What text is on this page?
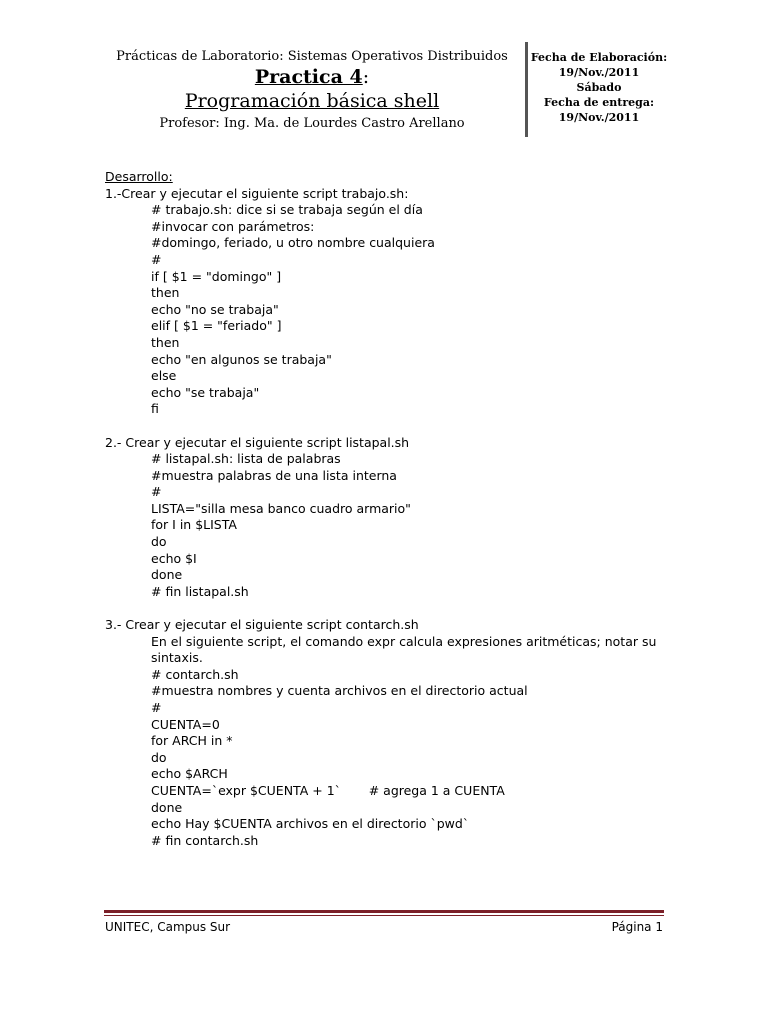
Prácticas de Laboratorio: Sistemas Operativos Distribuidos
Practica 4:
Programación básica shell
Profesor: Ing. Ma. de Lourdes Castro Arellano
Fecha de Elaboración:
19/Nov./2011
Sábado
Fecha de entrega:
19/Nov./2011
Desarrollo:
1.-Crear y ejecutar el siguiente script trabajo.sh:
# trabajo.sh: dice si se trabaja según el día
#invocar con parámetros:
#domingo, feriado, u otro nombre cualquiera
#
if [ $1 = "domingo" ]
then
echo "no se trabaja"
elif [ $1 = "feriado" ]
then
echo "en algunos se trabaja"
else
echo "se trabaja"
fi
2.- Crear y ejecutar el siguiente script listapal.sh
# listapal.sh: lista de palabras
#muestra palabras de una lista interna
#
LISTA="silla mesa banco cuadro armario"
for I in $LISTA
do
echo $I
done
# fin listapal.sh
3.- Crear y ejecutar el siguiente script contarch.sh
En el siguiente script, el comando expr calcula expresiones aritméticas; notar su sintaxis.
# contarch.sh
#muestra nombres y cuenta archivos en el directorio actual
#
CUENTA=0
for ARCH in *
do
echo $ARCH
CUENTA=`expr $CUENTA + 1`       # agrega 1 a CUENTA
done
echo Hay $CUENTA archivos en el directorio `pwd`
# fin contarch.sh
UNITEC, Campus Sur	Página 1
